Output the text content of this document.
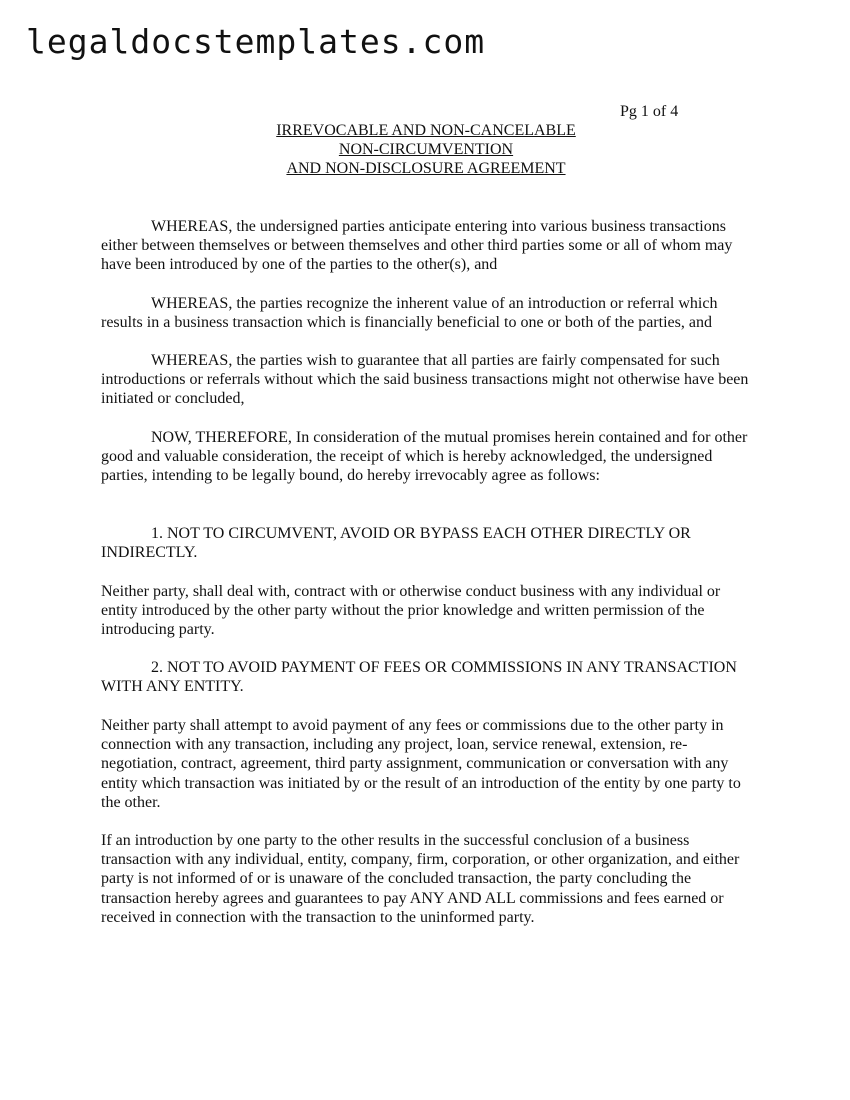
legaldocstemplates.com
Pg 1 of 4
IRREVOCABLE AND NON-CANCELABLE
NON-CIRCUMVENTION
AND NON-DISCLOSURE AGREEMENT

WHEREAS, the undersigned parties anticipate entering into various business transactions either between themselves or between themselves and other third parties some or all of whom may have been introduced by one of the parties to the other(s), and

WHEREAS, the parties recognize the inherent value of an introduction or referral which results in a business transaction which is financially beneficial to one or both of the parties, and

WHEREAS, the parties wish to guarantee that all parties are fairly compensated for such introductions or referrals without which the said business transactions might not otherwise have been initiated or concluded,

NOW, THEREFORE, In consideration of the mutual promises herein contained and for other good and valuable consideration, the receipt of which is hereby acknowledged, the undersigned parties, intending to be legally bound, do hereby irrevocably agree as follows:

1. NOT TO CIRCUMVENT, AVOID OR BYPASS EACH OTHER DIRECTLY OR INDIRECTLY.

Neither party, shall deal with, contract with or otherwise conduct business with any individual or entity introduced by the other party without the prior knowledge and written permission of the introducing party.

2. NOT TO AVOID PAYMENT OF FEES OR COMMISSIONS IN ANY TRANSACTION WITH ANY ENTITY.

Neither party shall attempt to avoid payment of any fees or commissions due to the other party in connection with any transaction, including any project, loan, service renewal, extension, re-negotiation, contract, agreement, third party assignment, communication or conversation with any entity which transaction was initiated by or the result of an introduction of the entity by one party to the other.

If an introduction by one party to the other results in the successful conclusion of a business transaction with any individual, entity, company, firm, corporation, or other organization, and either party is not informed of or is unaware of the concluded transaction, the party concluding the transaction hereby agrees and guarantees to pay ANY AND ALL commissions and fees earned or received in connection with the transaction to the uninformed party.
